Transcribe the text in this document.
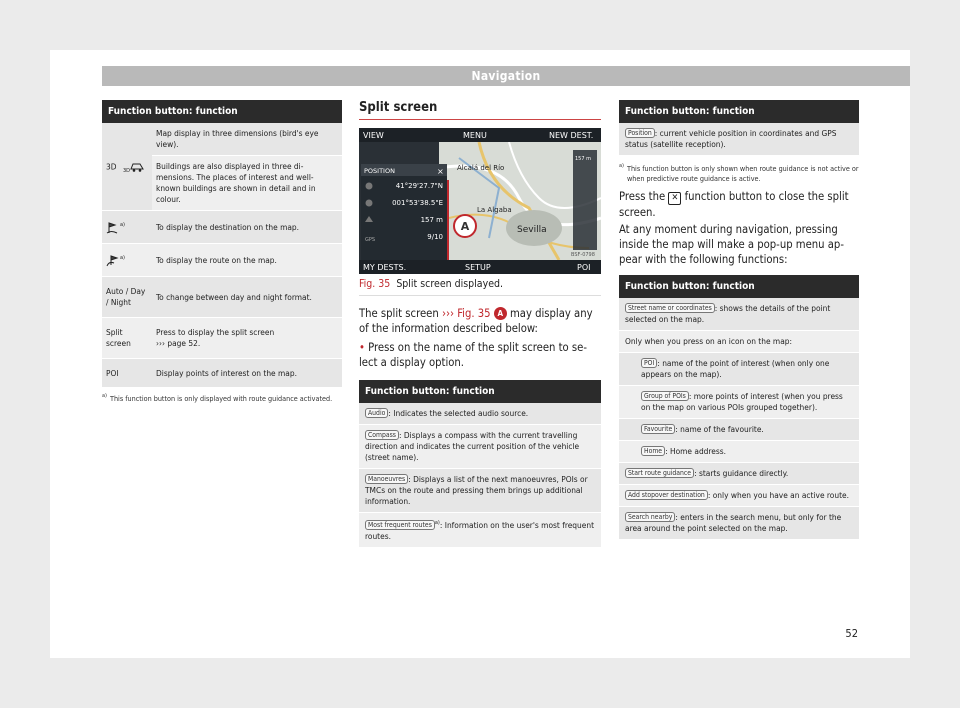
Navigation
Function button: function
3D 3D	Map display in three dimensions (bird's eye view).
	Buildings are also displayed in three dimensions. The places of interest and well-known buildings are shown in detail and in colour.
$^{a)}$	To display the destination on the map.
$^{a)}$	To display the route on the map.
Auto / Day / Night	To change between day and night format.
Split screen	Press to display the split screen
››› page 52.
POI	Display points of interest on the map.
a) This function button is only displayed with route guidance activated.
Split screen
VIEW	MENU	NEW DEST.
MY DESTS.	SETUP	POI
POSITION	×
41°29'27.7"N
001°53'38.5"E
157 m
9/10
GPS
A
Alcalá del Río
La Algaba
Sevilla
157 m
BSF-0798
Fig. 35 Split screen displayed.
The split screen ››› Fig. 35 A may display any of the information described below:
• Press on the name of the split screen to select a display option.
Function button: function
Audio : Indicates the selected audio source.
Compass : Displays a compass with the current travelling direction and indicates the current position of the vehicle (street name).
Manoeuvres : Displays a list of the next manoeuvres, POIs or TMCs on the route and pressing them brings up additional information.
Most frequent routes $^{a)}$: Information on the user's most frequent routes.
Function button: function
Position : current vehicle position in coordinates and GPS status (satellite reception).
a) This function button is only shown when route guidance is not active or when predictive route guidance is active.
Press the ✕ function button to close the split screen.
At any moment during navigation, pressing inside the map will make a pop-up menu appear with the following functions:
Function button: function
Street name or coordinates : shows the details of the point selected on the map.
Only when you press on an icon on the map:
POI : name of the point of interest (when only one appears on the map).
Group of POIs : more points of interest (when you press on the map on various POIs grouped together).
Favourite : name of the favourite.
Home : Home address.
Start route guidance : starts guidance directly.
Add stopover destination : only when you have an active route.
Search nearby : enters in the search menu, but only for the area around the point selected on the map.
52
